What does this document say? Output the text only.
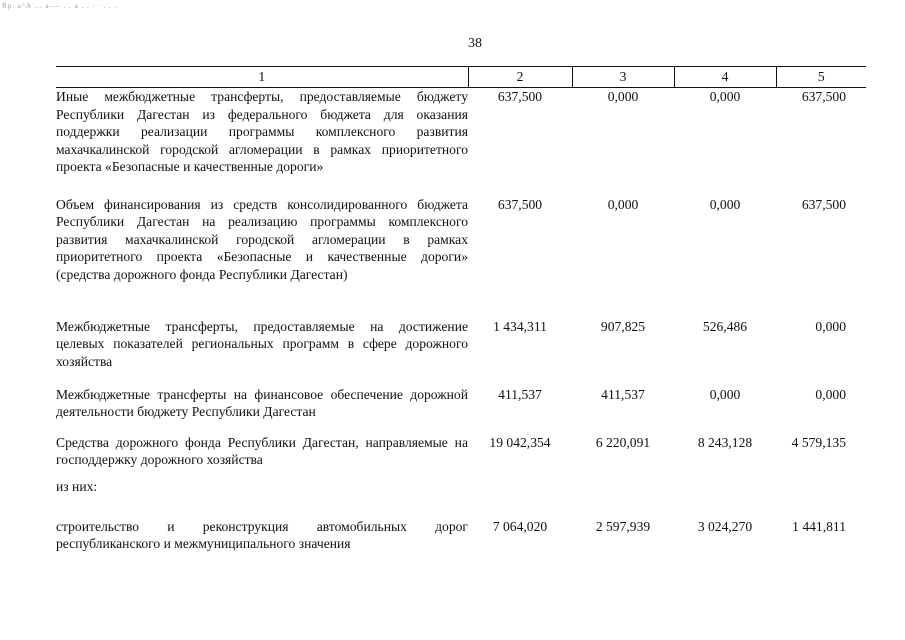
Rp. a^A ... a-— . . a . . ∙ ∙ . . .
38
1	2	3	4	5
Иные межбюджетные трансферты, предоставляемые бюджету Республики Дагестан из федерального бюджета для оказания поддержки реализации программы комплексного развития махачкалинской городской агломерации в рамках приоритетного проекта «Безопасные и качественные дороги»	637,500	0,000	0,000	637,500
Объем финансирования из средств консолидированного бюджета Республики Дагестан на реализацию программы комплексного развития махачкалинской городской агломерации в рамках приоритетного проекта «Безопасные и качественные дороги» (средства дорожного фонда Республики Дагестан)	637,500	0,000	0,000	637,500
Межбюджетные трансферты, предоставляемые на достижение целевых показателей региональных программ в сфере дорожного хозяйства	1 434,311	907,825	526,486	0,000
Межбюджетные трансферты на финансовое обеспечение дорожной деятельности бюджету Республики Дагестан	411,537	411,537	0,000	0,000
Средства дорожного фонда Республики Дагестан, направляемые на господдержку дорожного хозяйства	19 042,354	6 220,091	8 243,128	4 579,135
из них:				
строительство и реконструкция автомобильных дорог республиканского и межмуниципального значения	7 064,020	2 597,939	3 024,270	1 441,811
